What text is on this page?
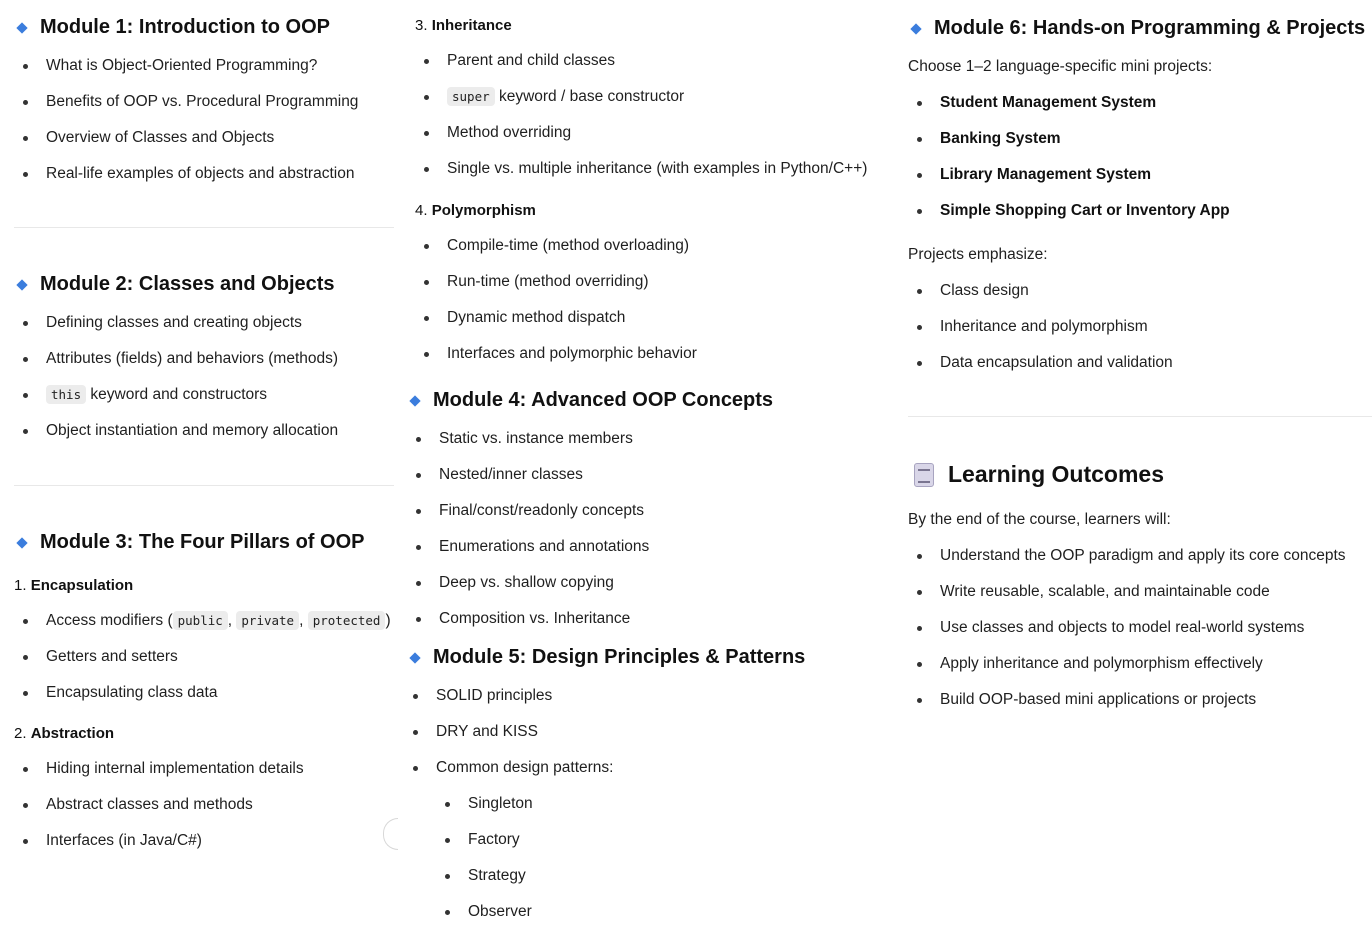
Module 1: Introduction to OOP
What is Object-Oriented Programming?
Benefits of OOP vs. Procedural Programming
Overview of Classes and Objects
Real-life examples of objects and abstraction
Module 2: Classes and Objects
Defining classes and creating objects
Attributes (fields) and behaviors (methods)
this keyword and constructors
Object instantiation and memory allocation
Module 3: The Four Pillars of OOP

1. Encapsulation

Access modifiers ( public , private , protected )
Getters and setters
Encapsulating class data

2. Abstraction

Hiding internal implementation details
Abstract classes and methods
Interfaces (in Java/C#)

3. Inheritance

Parent and child classes
super keyword / base constructor
Method overriding
Single vs. multiple inheritance (with examples in Python/C++)

4. Polymorphism

Compile-time (method overloading)
Run-time (method overriding)
Dynamic method dispatch
Interfaces and polymorphic behavior
Module 4: Advanced OOP Concepts
Static vs. instance members
Nested/inner classes
Final/const/readonly concepts
Enumerations and annotations
Deep vs. shallow copying
Composition vs. Inheritance
Module 5: Design Principles & Patterns
SOLID principles
DRY and KISS
Common design patterns:
Singleton
Factory
Strategy
Observer
Module 6: Hands-on Programming & Projects

Choose 1–2 language-specific mini projects:

Student Management System
Banking System
Library Management System
Simple Shopping Cart or Inventory App

Projects emphasize:

Class design
Inheritance and polymorphism
Data encapsulation and validation
Learning Outcomes

By the end of the course, learners will:

Understand the OOP paradigm and apply its core concepts
Write reusable, scalable, and maintainable code
Use classes and objects to model real-world systems
Apply inheritance and polymorphism effectively
Build OOP-based mini applications or projects
